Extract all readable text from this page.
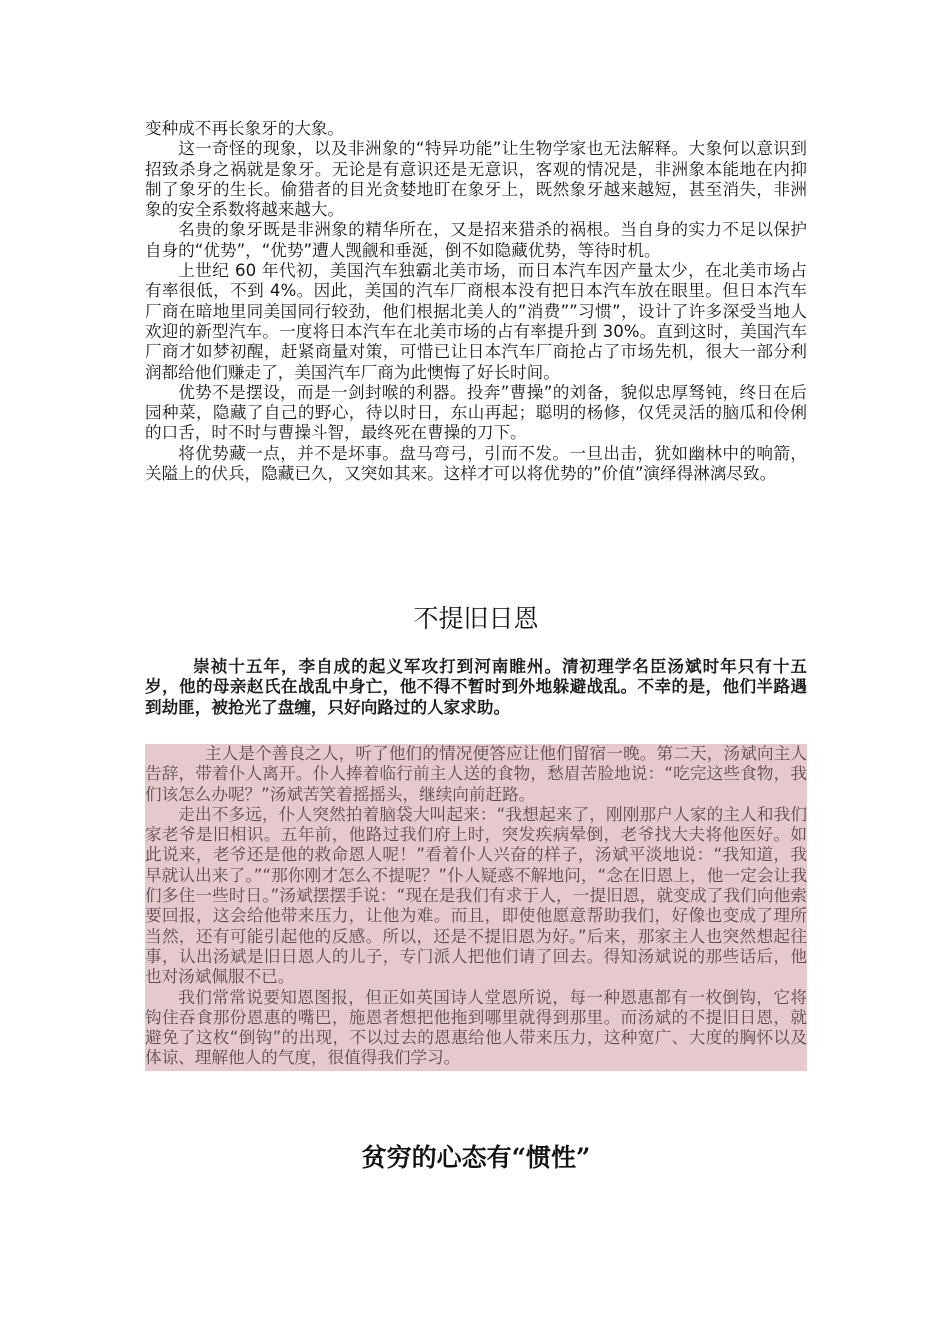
变种成不再长象牙的大象。

这一奇怪的现象，以及非洲象的“特异功能”让生物学家也无法解释。大象何以意识到招致杀身之祸就是象牙。无论是有意识还是无意识，客观的情况是，非洲象本能地在内抑制了象牙的生长。偷猎者的目光贪婪地盯在象牙上，既然象牙越来越短，甚至消失，非洲象的安全系数将越来越大。

名贵的象牙既是非洲象的精华所在，又是招来猎杀的祸根。当自身的实力不足以保护自身的“优势”，“优势”遭人觊觎和垂涎，倒不如隐藏优势，等待时机。

上世纪 60 年代初，美国汽车独霸北美市场，而日本汽车因产量太少，在北美市场占有率很低，不到 4%。因此，美国的汽车厂商根本没有把日本汽车放在眼里。但日本汽车厂商在暗地里同美国同行较劲，他们根据北美人的”消费””习惯”，设计了许多深受当地人欢迎的新型汽车。一度将日本汽车在北美市场的占有率提升到 30%。直到这时，美国汽车厂商才如梦初醒，赶紧商量对策，可惜已让日本汽车厂商抢占了市场先机，很大一部分利润都给他们赚走了，美国汽车厂商为此懊悔了好长时间。

优势不是摆设，而是一剑封喉的利器。投奔”曹操”的刘备，貌似忠厚驽钝，终日在后园种菜，隐藏了自己的野心，待以时日，东山再起；聪明的杨修，仅凭灵活的脑瓜和伶俐的口舌，时不时与曹操斗智，最终死在曹操的刀下。

将优势藏一点，并不是坏事。盘马弯弓，引而不发。一旦出击，犹如幽林中的响箭，关隘上的伏兵，隐藏已久，又突如其来。这样才可以将优势的”价值”演绎得淋漓尽致。

不提旧日恩

崇祯十五年，李自成的起义军攻打到河南睢州。清初理学名臣汤斌时年只有十五岁，他的母亲赵氏在战乱中身亡，他不得不暂时到外地躲避战乱。不幸的是，他们半路遇到劫匪，被抢光了盘缠，只好向路过的人家求助。

主人是个善良之人，听了他们的情况便答应让他们留宿一晚。第二天，汤斌向主人告辞，带着仆人离开。仆人捧着临行前主人送的食物，愁眉苦脸地说：“吃完这些食物，我们该怎么办呢？”汤斌苦笑着摇摇头，继续向前赶路。

走出不多远，仆人突然拍着脑袋大叫起来：“我想起来了，刚刚那户人家的主人和我们家老爷是旧相识。五年前，他路过我们府上时，突发疾病晕倒，老爷找大夫将他医好。如此说来，老爷还是他的救命恩人呢！”看着仆人兴奋的样子，汤斌平淡地说：“我知道，我早就认出来了。”“那你刚才怎么不提呢？”仆人疑惑不解地问，“念在旧恩上，他一定会让我们多住一些时日。”汤斌摆摆手说：“现在是我们有求于人，一提旧恩，就变成了我们向他索要回报，这会给他带来压力，让他为难。而且，即使他愿意帮助我们，好像也变成了理所当然，还有可能引起他的反感。所以，还是不提旧恩为好。”后来，那家主人也突然想起往事，认出汤斌是旧日恩人的儿子，专门派人把他们请了回去。得知汤斌说的那些话后，他也对汤斌佩服不已。

我们常常说要知恩图报，但正如英国诗人堂恩所说，每一种恩惠都有一枚倒钩，它将钩住吞食那份恩惠的嘴巴，施恩者想把他拖到哪里就得到那里。而汤斌的不提旧日恩，就避免了这枚“倒钩”的出现，不以过去的恩惠给他人带来压力，这种宽广、大度的胸怀以及体谅、理解他人的气度，很值得我们学习。

贫穷的心态有“惯性”
